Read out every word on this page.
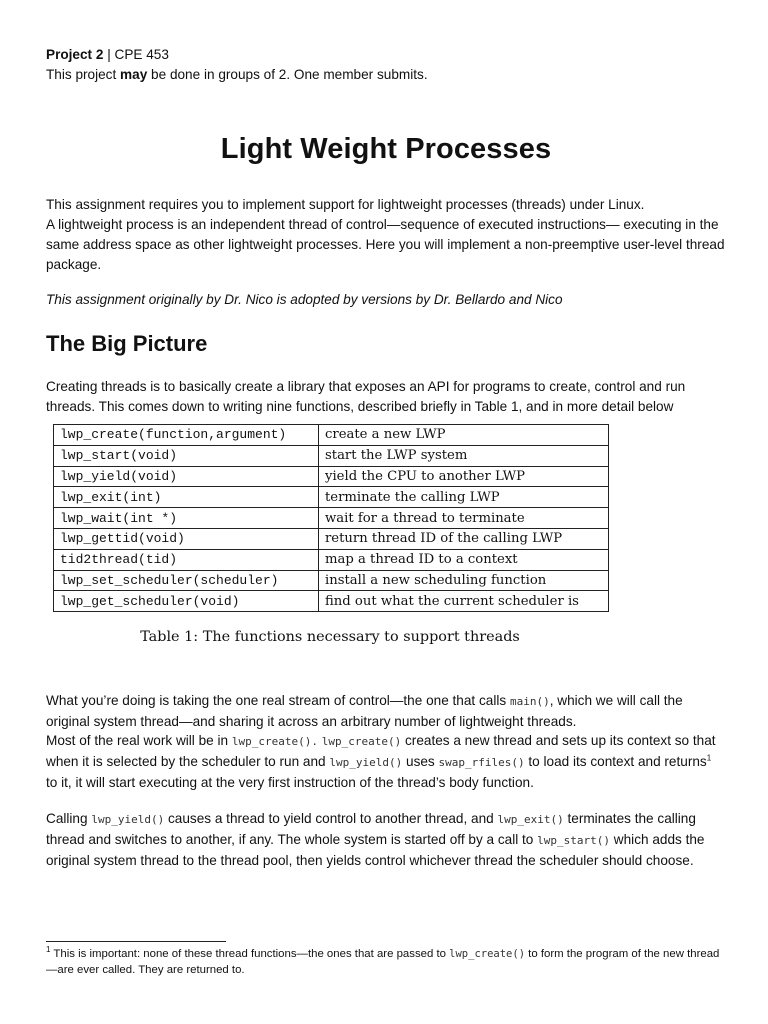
Project 2 | CPE 453
This project may be done in groups of 2. One member submits.
Light Weight Processes
This assignment requires you to implement support for lightweight processes (threads) under Linux.
A lightweight process is an independent thread of control—sequence of executed instructions— executing in the same address space as other lightweight processes. Here you will implement a non-preemptive user-level thread package.
This assignment originally by Dr. Nico is adopted by versions by Dr. Bellardo and Nico
The Big Picture
Creating threads is to basically create a library that exposes an API for programs to create, control and run threads. This comes down to writing nine functions, described briefly in Table 1, and in more detail below
lwp_create(function,argument)	create a new LWP
lwp_start(void)	start the LWP system
lwp_yield(void)	yield the CPU to another LWP
lwp_exit(int)	terminate the calling LWP
lwp_wait(int *)	wait for a thread to terminate
lwp_gettid(void)	return thread ID of the calling LWP
tid2thread(tid)	map a thread ID to a context
lwp_set_scheduler(scheduler)	install a new scheduling function
lwp_get_scheduler(void)	find out what the current scheduler is
Table 1: The functions necessary to support threads
What you’re doing is taking the one real stream of control—the one that calls main(), which we will call the original system thread—and sharing it across an arbitrary number of lightweight threads.
Most of the real work will be in lwp_create(). lwp_create() creates a new thread and sets up its context so that when it is selected by the scheduler to run and lwp_yield() uses swap_rfiles() to load its context and returns$^1$ to it, it will start executing at the very first instruction of the thread’s body function.
Calling lwp_yield() causes a thread to yield control to another thread, and lwp_exit() terminates the calling thread and switches to another, if any. The whole system is started off by a call to lwp_start() which adds the original system thread to the thread pool, then yields control whichever thread the scheduler should choose.
$^1$ This is important: none of these thread functions—the ones that are passed to lwp_create() to form the program of the new thread—are ever called. They are returned to.
